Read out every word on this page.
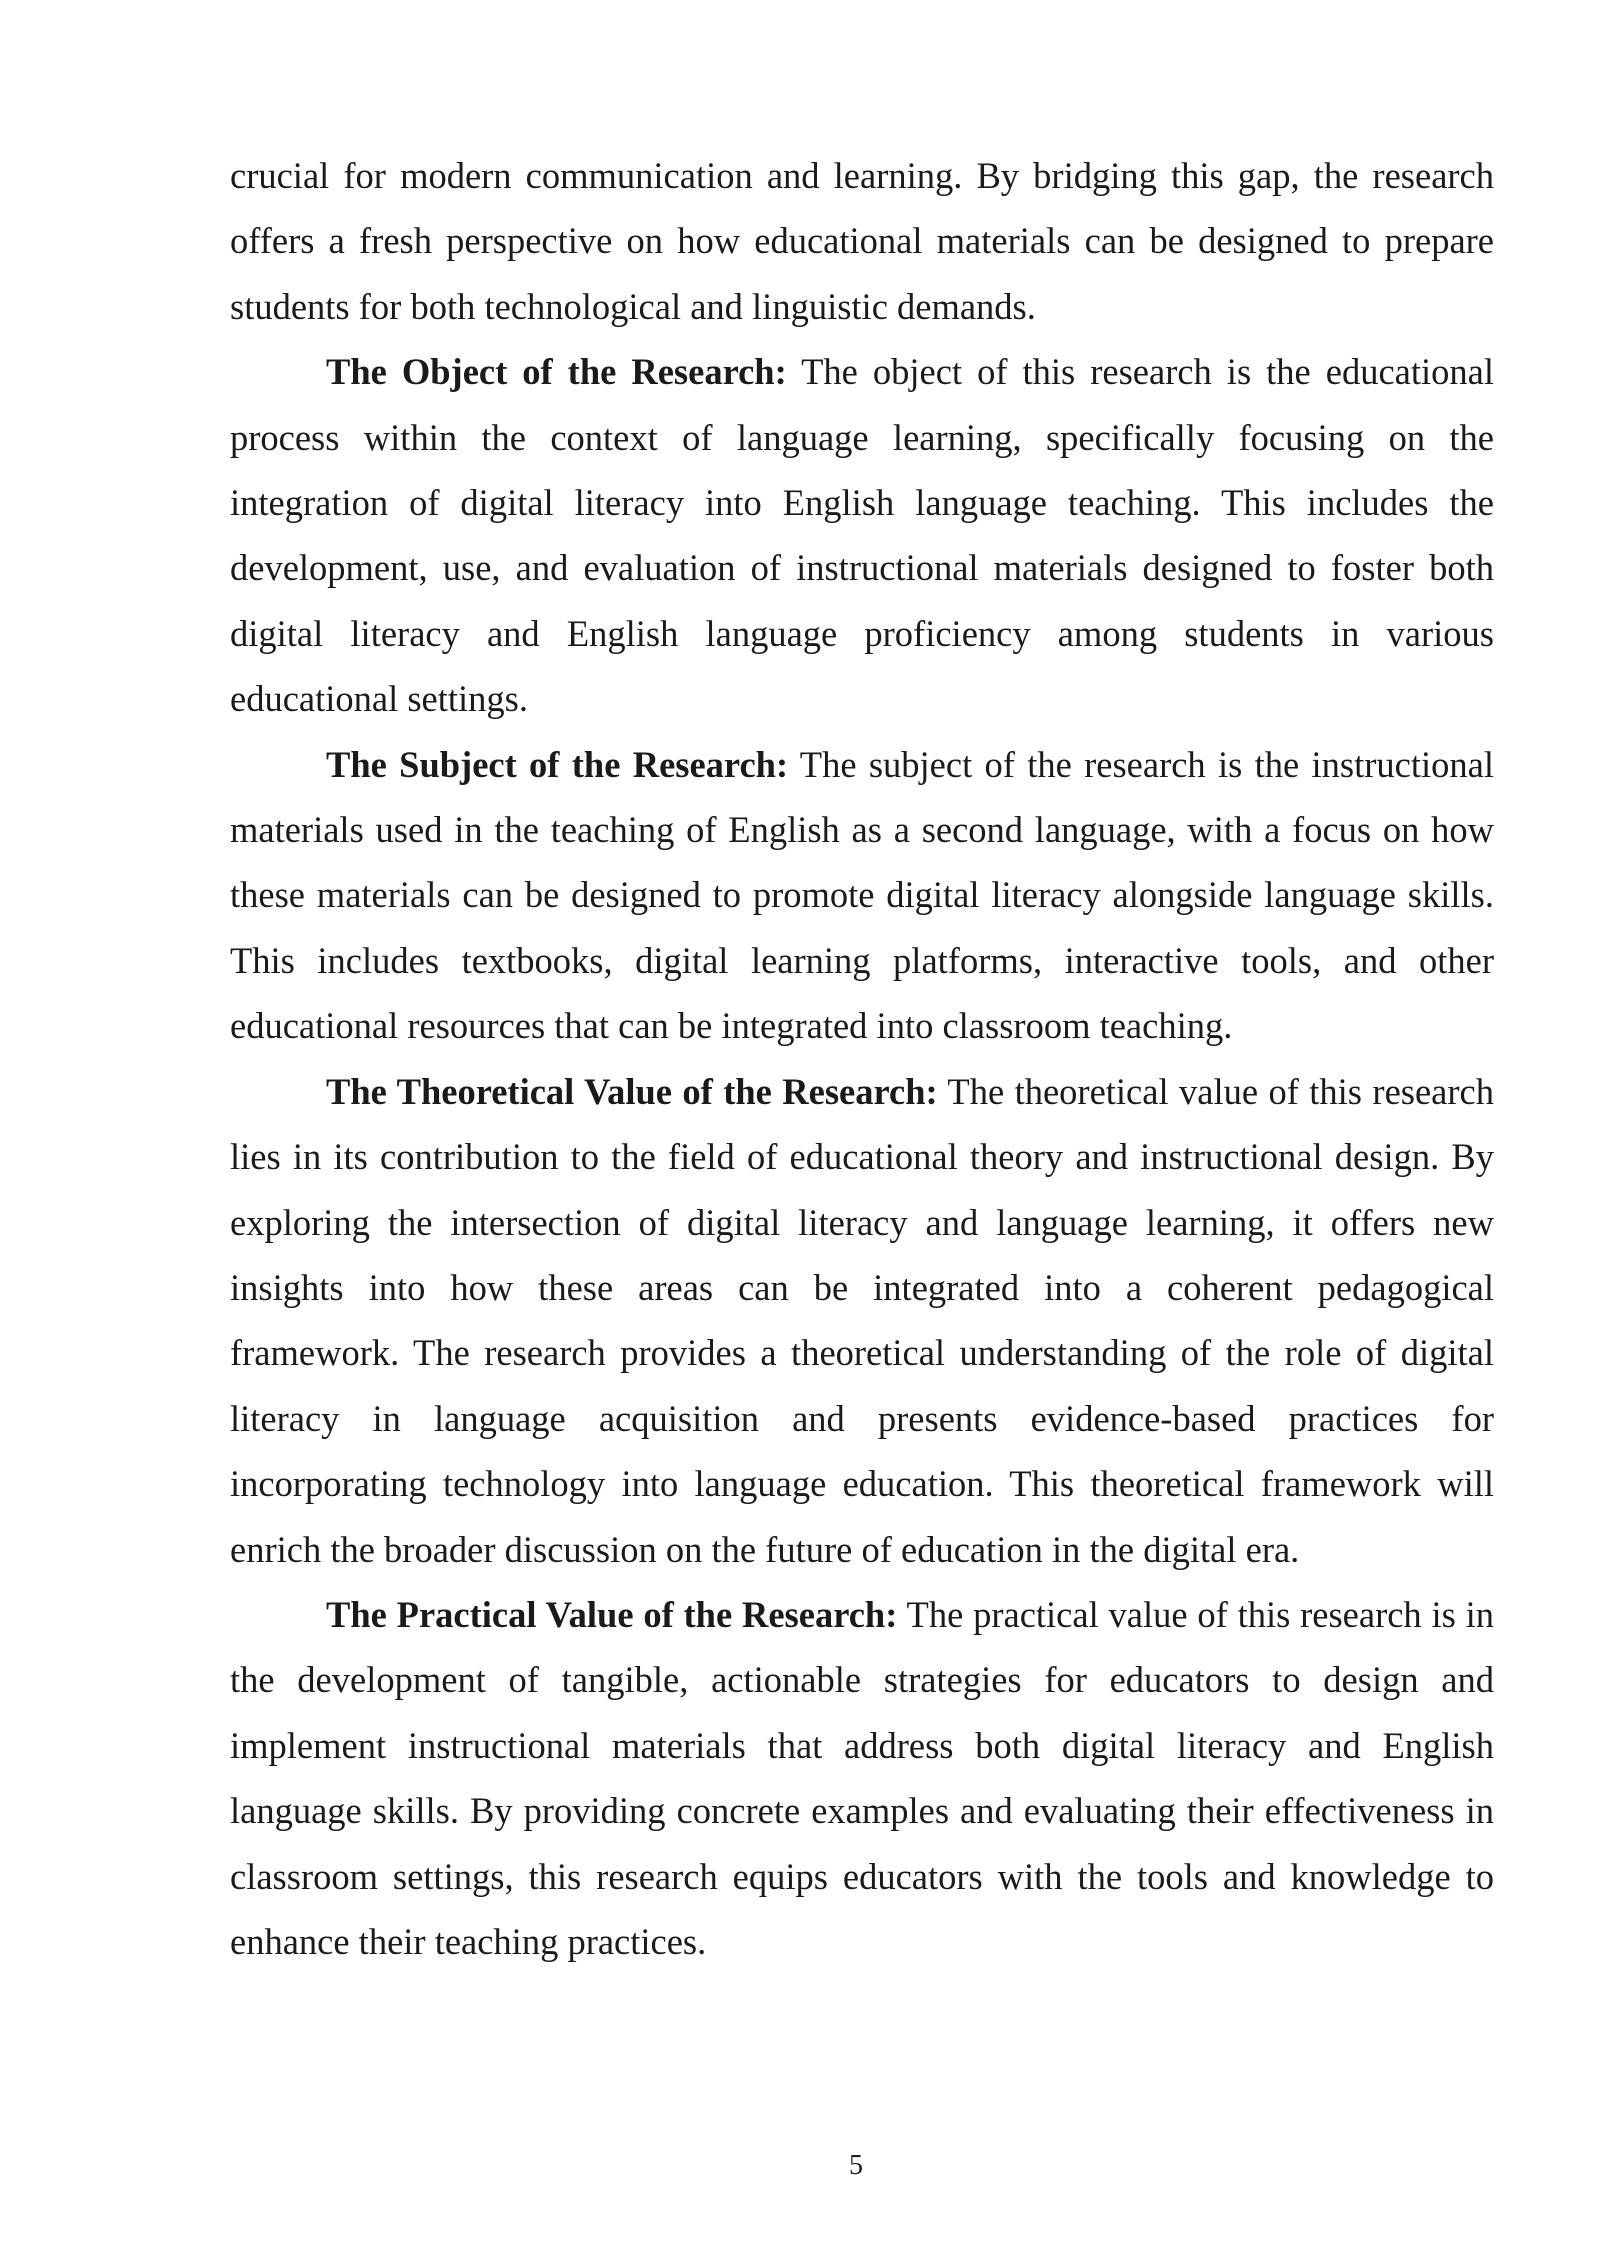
crucial for modern communication and learning. By bridging this gap, the research offers a fresh perspective on how educational materials can be designed to prepare students for both technological and linguistic demands.

The Object of the Research: The object of this research is the educational process within the context of language learning, specifically focusing on the integration of digital literacy into English language teaching. This includes the development, use, and evaluation of instructional materials designed to foster both digital literacy and English language proficiency among students in various educational settings.

The Subject of the Research: The subject of the research is the instructional materials used in the teaching of English as a second language, with a focus on how these materials can be designed to promote digital literacy alongside language skills. This includes textbooks, digital learning platforms, interactive tools, and other educational resources that can be integrated into classroom teaching.

The Theoretical Value of the Research: The theoretical value of this research lies in its contribution to the field of educational theory and instructional design. By exploring the intersection of digital literacy and language learning, it offers new insights into how these areas can be integrated into a coherent pedagogical framework. The research provides a theoretical understanding of the role of digital literacy in language acquisition and presents evidence-based practices for incorporating technology into language education. This theoretical framework will enrich the broader discussion on the future of education in the digital era.

The Practical Value of the Research: The practical value of this research is in the development of tangible, actionable strategies for educators to design and implement instructional materials that address both digital literacy and English language skills. By providing concrete examples and evaluating their effectiveness in classroom settings, this research equips educators with the tools and knowledge to enhance their teaching practices.

5
